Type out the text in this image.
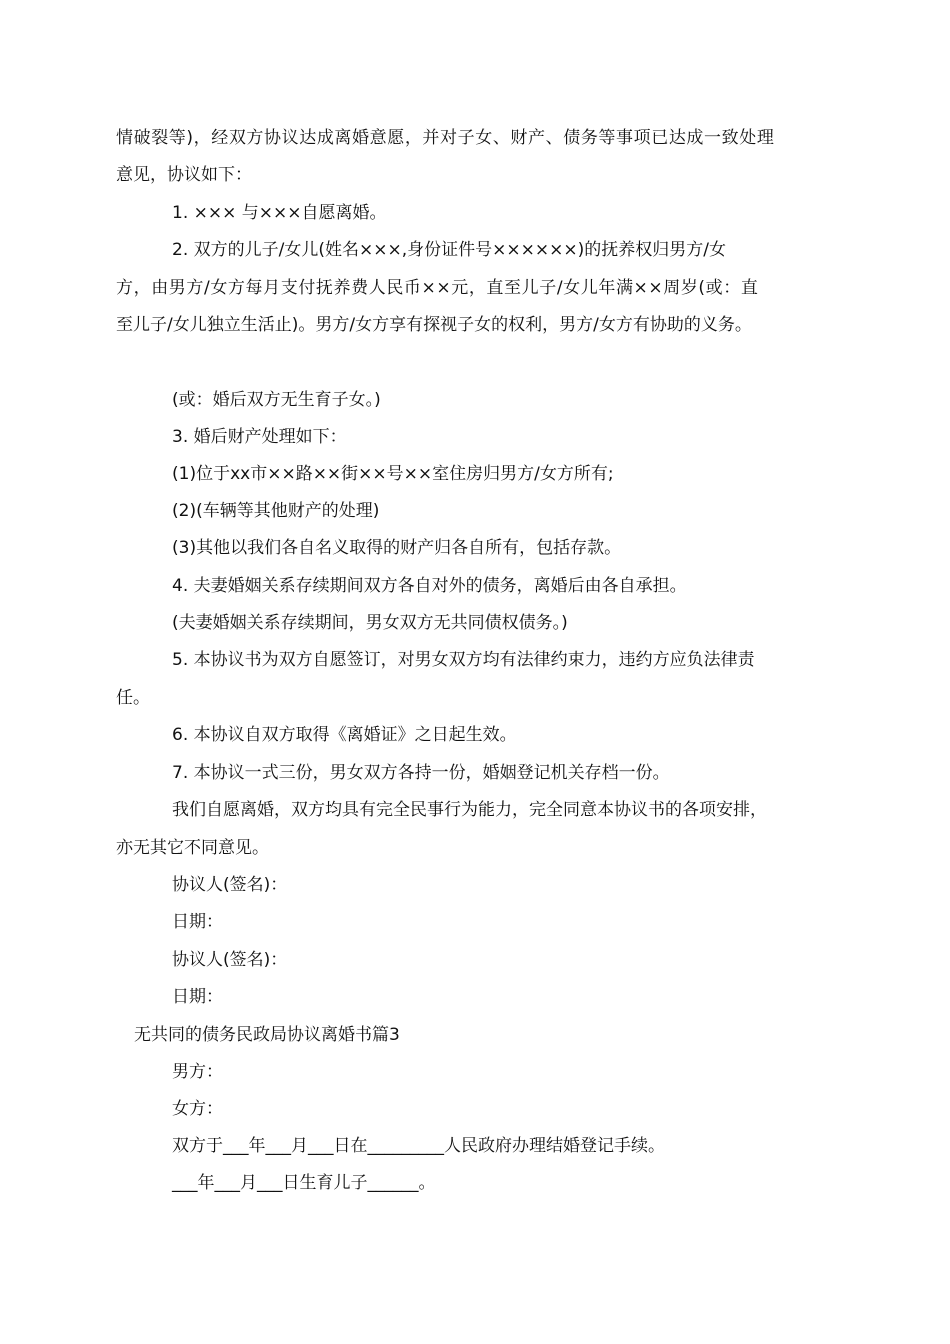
情破裂等)，经双方协议达成离婚意愿，并对子女、财产、债务等事项已达成一致处理
意见，协议如下：
1. ××× 与×××自愿离婚。
2. 双方的儿子/女儿(姓名×××,身份证件号××××××)的抚养权归男方/女
方，由男方/女方每月支付抚养费人民币××元，直至儿子/女儿年满××周岁(或：直
至儿子/女儿独立生活止)。男方/女方享有探视子女的权利，男方/女方有协助的义务。
(或：婚后双方无生育子女。)
3. 婚后财产处理如下：
(1)位于xx市××路××街××号××室住房归男方/女方所有;
(2)(车辆等其他财产的处理)
(3)其他以我们各自名义取得的财产归各自所有，包括存款。
4. 夫妻婚姻关系存续期间双方各自对外的债务，离婚后由各自承担。
(夫妻婚姻关系存续期间，男女双方无共同债权债务。)
5. 本协议书为双方自愿签订，对男女双方均有法律约束力，违约方应负法律责
任。
6. 本协议自双方取得《离婚证》之日起生效。
7. 本协议一式三份，男女双方各持一份，婚姻登记机关存档一份。
我们自愿离婚，双方均具有完全民事行为能力，完全同意本协议书的各项安排，
亦无其它不同意见。
协议人(签名)：
日期：
协议人(签名)：
日期：
无共同的债务民政局协议离婚书篇3
男方：
女方：
双方于___年___月___日在_________人民政府办理结婚登记手续。
___年___月___日生育儿子______。
